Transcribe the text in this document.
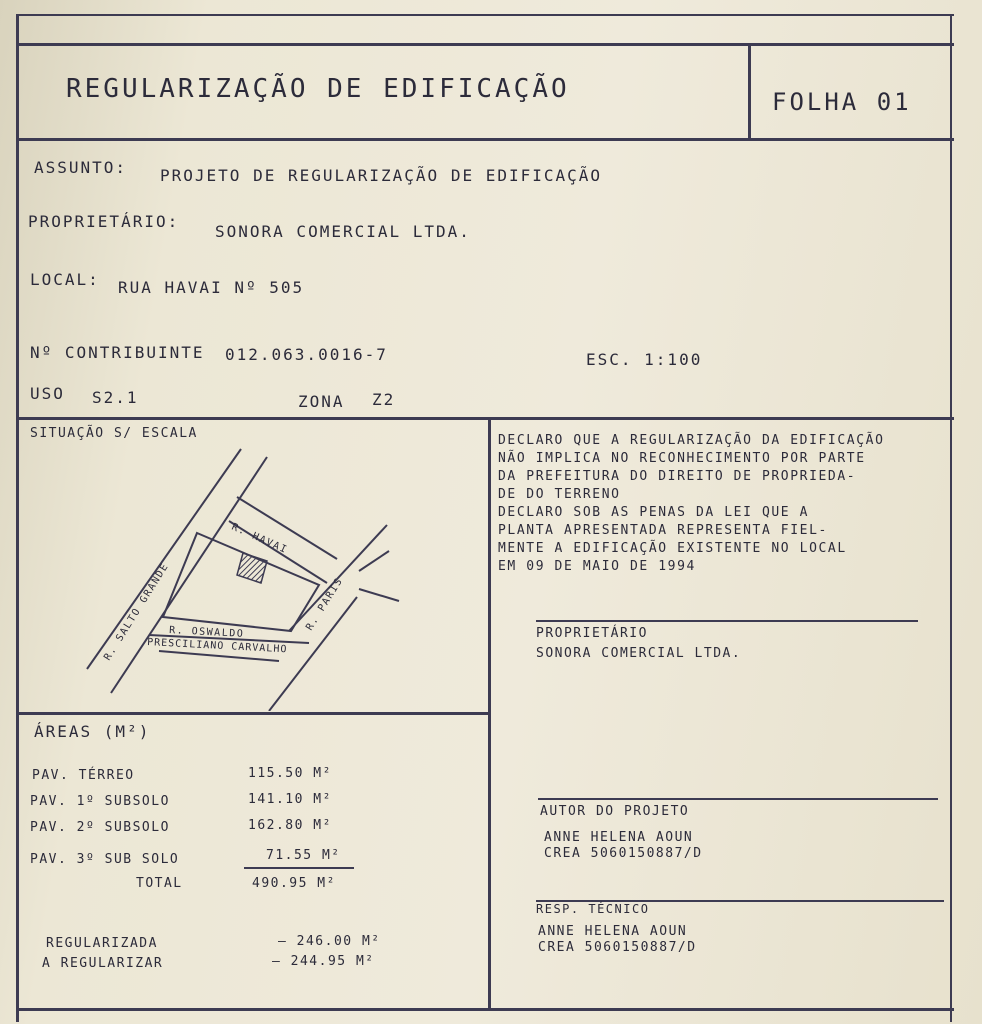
REGULARIZAÇÃO DE EDIFICAÇÃO	FOLHA 01
ASSUNTO: PROJETO DE REGULARIZAÇÃO DE EDIFICAÇÃO
PROPRIETÁRIO:
SONORA COMERCIAL LTDA.
LOCAL: RUA HAVAI Nº 505
Nº CONTRIBUINTE 012.063.0016-7	ESC. 1:100
USO S2.1	ZONA Z2
SITUAÇÃO S/ ESCALA
R. HAVAI
R. SALTO GRANDE	R. PARIS
R. OSWALDO
PRESCILIANO CARVALHO
ÁREAS (M²)
PAV. TÉRREO	115.50 M²
PAV. 1º SUBSOLO	141.10 M²
PAV. 2º SUBSOLO	162.80 M²
PAV. 3º SUB SOLO	71.55 M²
TOTAL	490.95 M²
REGULARIZADA	– 246.00 M²
A REGULARIZAR	– 244.95 M²
DECLARO QUE A REGULARIZAÇÃO DA EDIFICAÇÃO
NÃO IMPLICA NO RECONHECIMENTO POR PARTE
DA PREFEITURA DO DIREITO DE PROPRIEDA-
DE DO TERRENO
DECLARO SOB AS PENAS DA LEI QUE A
PLANTA APRESENTADA REPRESENTA FIEL-
MENTE A EDIFICAÇÃO EXISTENTE NO LOCAL
EM 09 DE MAIO DE 1994
PROPRIETÁRIO
SONORA COMERCIAL LTDA.
AUTOR DO PROJETO
ANNE HELENA AOUN
CREA 5060150887/D
RESP. TÉCNICO
ANNE HELENA AOUN
CREA 5060150887/D
